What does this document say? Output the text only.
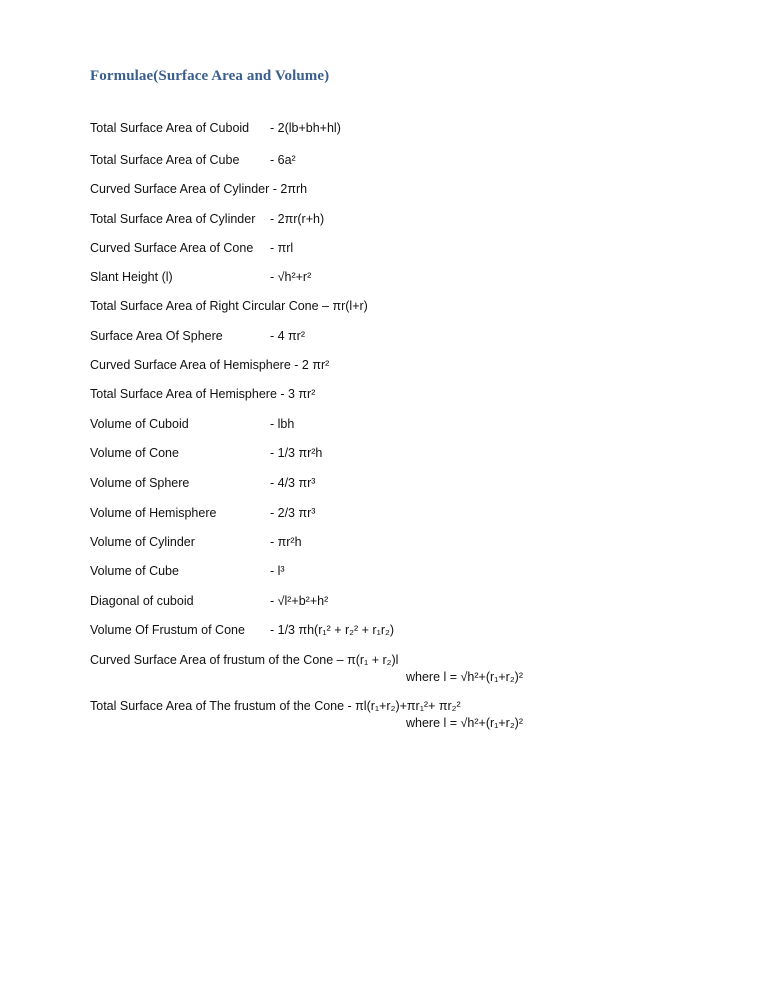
Formulae(Surface Area and Volume)
Total Surface Area of Cuboid - 2(lb+bh+hl)
Total Surface Area of Cube - 6a²
Curved Surface Area of Cylinder - 2πrh
Total Surface Area of Cylinder - 2πr(r+h)
Curved Surface Area of Cone - πrl
Slant Height (l)	- √h²+r²
Total Surface Area of Right Circular Cone – πr(l+r)
Surface Area Of Sphere	- 4 πr²
Curved Surface Area of Hemisphere - 2 πr²
Total Surface Area of Hemisphere - 3 πr²
Volume of Cuboid	- lbh
Volume of Cone	- 1/3 πr²h
Volume of Sphere	- 4/3 πr³
Volume of Hemisphere	- 2/3 πr³
Volume of Cylinder	- πr²h
Volume of Cube	- l³
Diagonal of cuboid	- √l²+b²+h²
Volume Of Frustum of Cone - 1/3 πh(r₁² + r₂² + r₁r₂)
Curved Surface Area of frustum of the Cone – π(r₁ + r₂)l
where l = √h²+(r₁+r₂)²
Total Surface Area of The frustum of the Cone - πl(r₁+r₂)+πr₁²+ πr₂²
where l = √h²+(r₁+r₂)²
